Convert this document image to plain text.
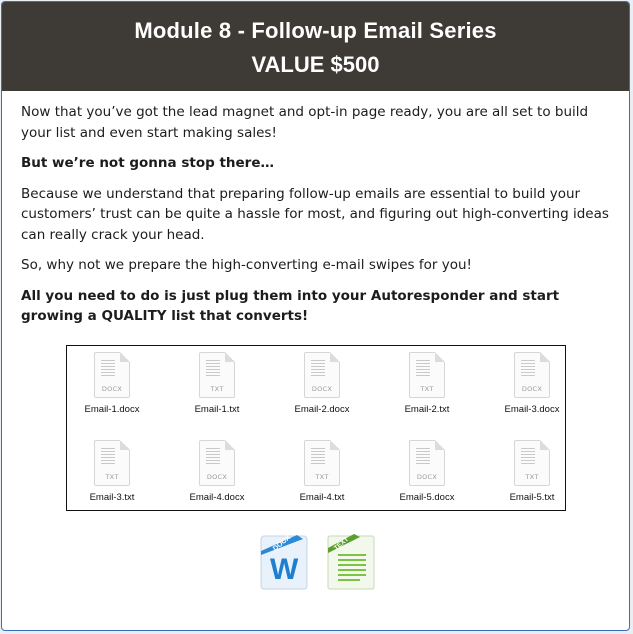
Module 8 - Follow-up Email Series
VALUE $500

Now that you’ve got the lead magnet and opt-in page ready, you are all set to build your list and even start making sales!

But we’re not gonna stop there…

Because we understand that preparing follow-up emails are essential to build your customers’ trust can be quite a hassle for most, and figuring out high-converting ideas can really crack your head.

So, why not we prepare the high-converting e-mail swipes for you!

All you need to do is just plug them into your Autoresponder and start growing a QUALITY list that converts!

DOCX
Email-1.docx
TXT
Email-1.txt
DOCX
Email-2.docx
TXT
Email-2.txt
DOCX
Email-3.docx
TXT
Email-3.txt
DOCX
Email-4.docx
TXT
Email-4.txt
DOCX
Email-5.docx
TXT
Email-5.txt
DOCX
W
TEXT
